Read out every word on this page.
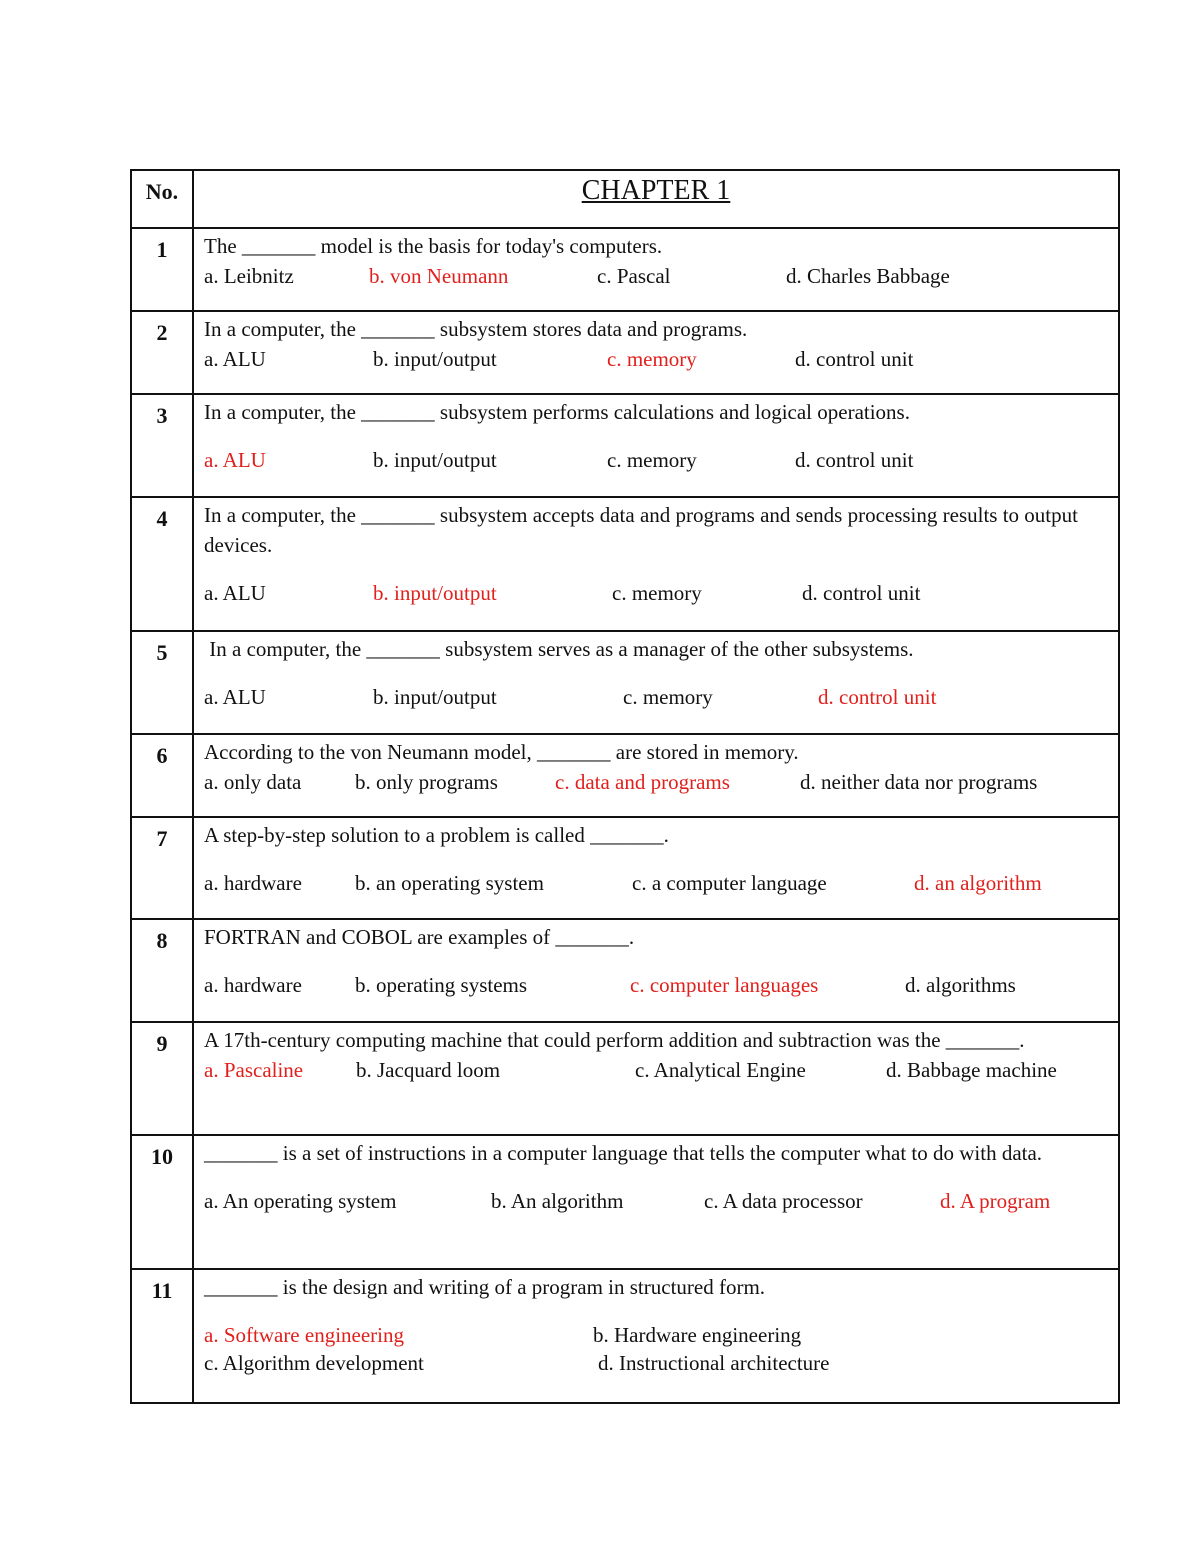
No.	CHAPTER 1
1	The _______ model is the basis for today's computers.
a. Leibnitz b. von Neumann c. Pascal d. Charles Babbage

2	In a computer, the _______ subsystem stores data and programs.
a. ALU b. input/output c. memory d. control unit

3	In a computer, the _______ subsystem performs calculations and logical operations.
a. ALU b. input/output c. memory d. control unit

4	In a computer, the _______ subsystem accepts data and programs and sends processing results to output devices.
a. ALU b. input/output c. memory d. control unit

5	In a computer, the _______ subsystem serves as a manager of the other subsystems.
a. ALU b. input/output c. memory d. control unit

6	According to the von Neumann model, _______ are stored in memory.
a. only data b. only programs c. data and programs d. neither data nor programs

7	A step-by-step solution to a problem is called _______.
a. hardware b. an operating system c. a computer language d. an algorithm

8	FORTRAN and COBOL are examples of _______.
a. hardware b. operating systems c. computer languages d. algorithms

9	A 17th-century computing machine that could perform addition and subtraction was the _______.
a. Pascaline b. Jacquard loom c. Analytical Engine d. Babbage machine

10	_______ is a set of instructions in a computer language that tells the computer what to do with data.
a. An operating system b. An algorithm c. A data processor d. A program

11	_______ is the design and writing of a program in structured form.
a. Software engineering b. Hardware engineering
c. Algorithm development d. Instructional architecture
